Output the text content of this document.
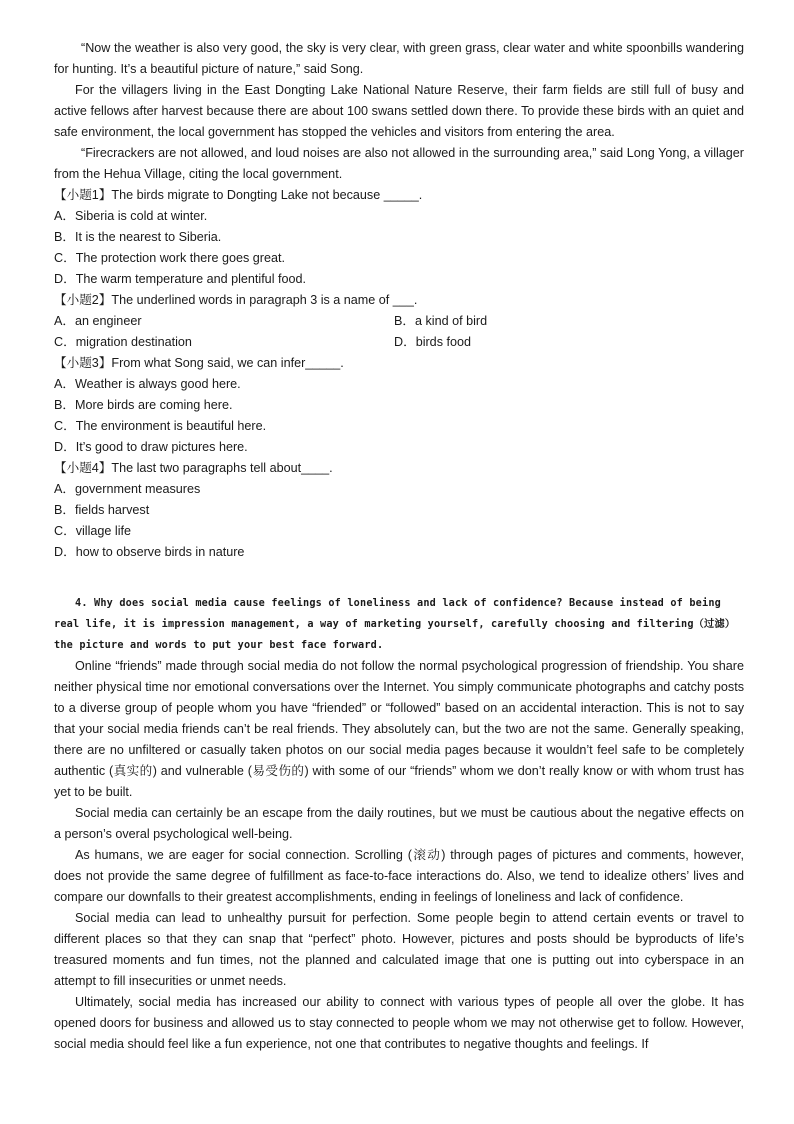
“Now the weather is also very good, the sky is very clear, with green grass, clear water and white spoonbills wandering for hunting. It’s a beautiful picture of nature,” said Song.

For the villagers living in the East Dongting Lake National Nature Reserve, their farm fields are still full of busy and active fellows after harvest because there are about 100 swans settled down there. To provide these birds with an quiet and safe environment, the local government has stopped the vehicles and visitors from entering the area.

“Firecrackers are not allowed, and loud noises are also not allowed in the surrounding area,” said Long Yong, a villager from the Hehua Village, citing the local government.

【小题1】The birds migrate to Dongting Lake not because _____.

A．Siberia is cold at winter.

B．It is the nearest to Siberia.

C．The protection work there goes great.

D．The warm temperature and plentiful food.

【小题2】The underlined words in paragraph 3 is a name of ___.

A．an engineer	B．a kind of bird

C．migration destination	D．birds food

【小题3】From what Song said, we can infer_____.

A．Weather is always good here.

B．More birds are coming here.

C．The environment is beautiful here.

D．It’s good to draw pictures here.

【小题4】The last two paragraphs tell about____.

A．government measures

B．fields harvest

C．village life

D．how to observe birds in nature

4. Why does social media cause feelings of loneliness and lack of confidence? Because instead of being real life, it is impression management, a way of marketing yourself, carefully choosing and filtering（过滤）the picture and words to put your best face forward.

Online “friends” made through social media do not follow the normal psychological progression of friendship. You share neither physical time nor emotional conversations over the Internet. You simply communicate photographs and catchy posts to a diverse group of people whom you have “friended” or “followed” based on an accidental interaction. This is not to say that your social media friends can’t be real friends. They absolutely can, but the two are not the same. Generally speaking, there are no unfiltered or casually taken photos on our social media pages because it wouldn’t feel safe to be completely authentic (真实的) and vulnerable (易受伤的) with some of our “friends” whom we don’t really know or with whom trust has yet to be built.

Social media can certainly be an escape from the daily routines, but we must be cautious about the negative effects on a person’s overal psychological well-being.

As humans, we are eager for social connection. Scrolling (滚动) through pages of pictures and comments, however, does not provide the same degree of fulfillment as face-to-face interactions do. Also, we tend to idealize others’ lives and compare our downfalls to their greatest accomplishments, ending in feelings of loneliness and lack of confidence.

Social media can lead to unhealthy pursuit for perfection. Some people begin to attend certain events or travel to different places so that they can snap that “perfect” photo. However, pictures and posts should be byproducts of life’s treasured moments and fun times, not the planned and calculated image that one is putting out into cyberspace in an attempt to fill insecurities or unmet needs.

Ultimately, social media has increased our ability to connect with various types of people all over the globe. It has opened doors for business and allowed us to stay connected to people whom we may not otherwise get to follow. However, social media should feel like a fun experience, not one that contributes to negative thoughts and feelings. If
